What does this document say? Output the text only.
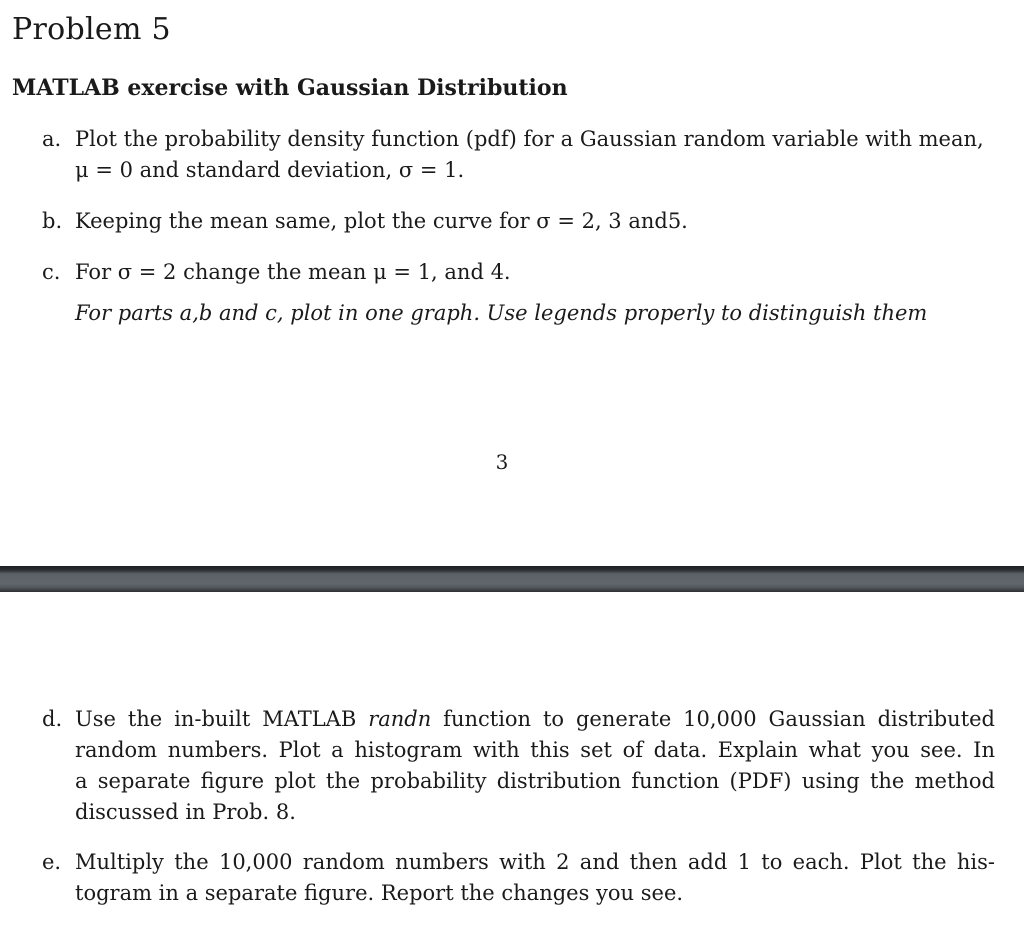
Problem 5
MATLAB exercise with Gaussian Distribution
a. Plot the probability density function (pdf) for a Gaussian random variable with mean,
μ = 0 and standard deviation, σ = 1.
b. Keeping the mean same, plot the curve for σ = 2, 3 and5.
c. For σ = 2 change the mean μ = 1, and 4.
For parts a,b and c, plot in one graph. Use legends properly to distinguish them
3
d. Use the in-built MATLAB randn function to generate 10,000 Gaussian distributed
random numbers. Plot a histogram with this set of data. Explain what you see. In
a separate figure plot the probability distribution function (PDF) using the method
discussed in Prob. 8.
e. Multiply the 10,000 random numbers with 2 and then add 1 to each. Plot the his-
togram in a separate figure. Report the changes you see.
